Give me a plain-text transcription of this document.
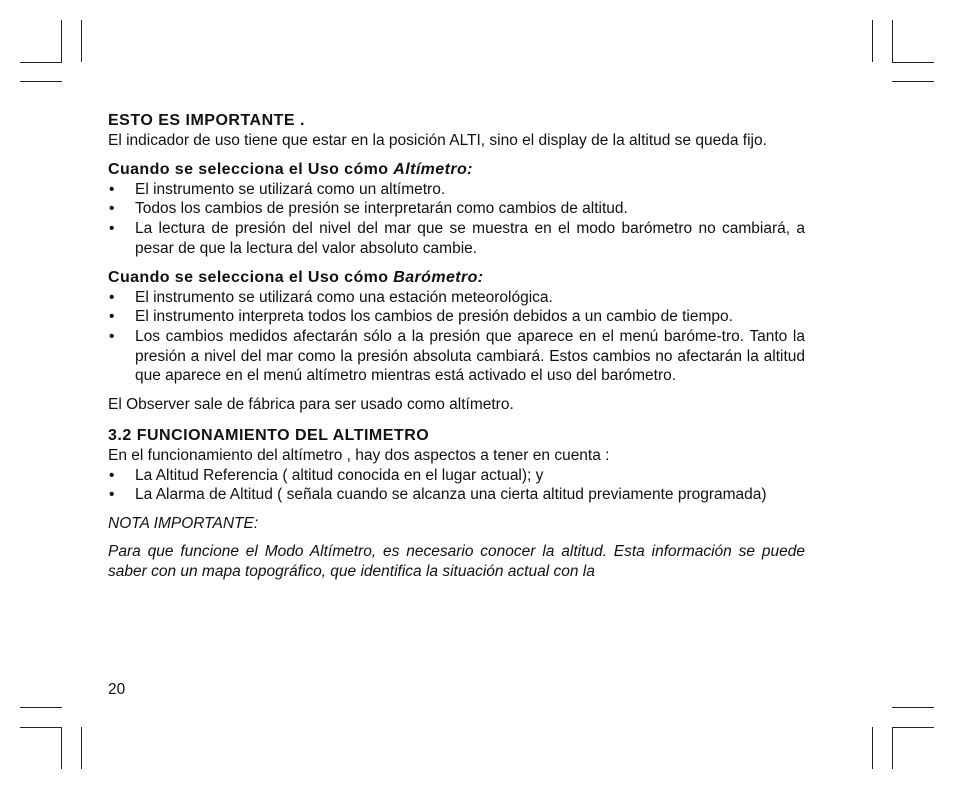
ESTO ES IMPORTANTE .

El indicador de uso tiene que estar en la posición ALTI, sino el display de la altitud se queda fijo.

Cuando se selecciona el Uso cómo Altímetro:
• El instrumento se utilizará como un altímetro.
• Todos los cambios de presión se interpretarán como cambios de altitud.
• La lectura de presión del nivel del mar que se muestra en el modo barómetro no cambiará, a pesar de que la lectura del valor absoluto cambie.
Cuando se selecciona el Uso cómo Barómetro:
• El instrumento se utilizará como una estación meteorológica.
• El instrumento interpreta todos los cambios de presión debidos a un cambio de tiempo.
• Los cambios medidos afectarán sólo a la presión que aparece en el menú baróme-tro. Tanto la presión a nivel del mar como la presión absoluta cambiará. Estos cambios no afectarán la altitud que aparece en el menú altímetro mientras está activado el uso del barómetro.

El Observer sale de fábrica para ser usado como altímetro.

3.2 FUNCIONAMIENTO DEL ALTIMETRO

En el funcionamiento del altímetro , hay dos aspectos a tener en cuenta :

• La Altitud Referencia ( altitud conocida en el lugar actual); y
• La Alarma de Altitud ( señala cuando se alcanza una cierta altitud previamente programada)

NOTA IMPORTANTE:

Para que funcione el Modo Altímetro, es necesario conocer la altitud. Esta información se puede saber con un mapa topográfico, que identifica la situación actual con la

20
